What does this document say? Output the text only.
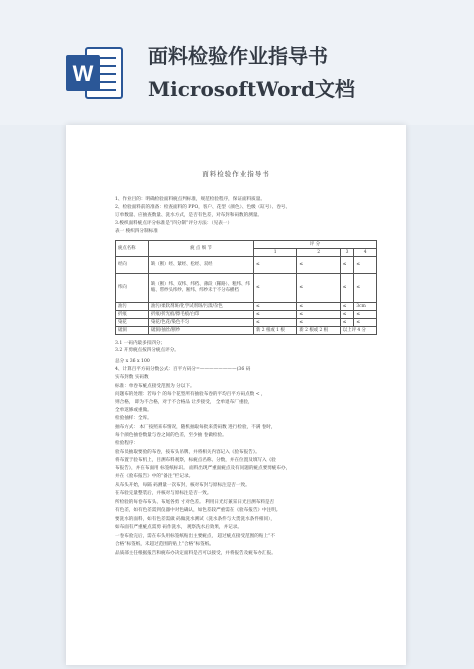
W
面料检验作业指导书MicrosoftWord文档
面料检验作业指导书
1、作业目的：明确检验面料疵点判标准，规范检验程序，保证面料质量。
2、检验面料前的准备：检查面料的 PPO，客户、花型（颜色）、色级（缸号）、卷号、
订单数量、应抽查数量、洗水方式，是否有色差，对布封和码数的测量。
3.梭织面料疵点评分标准是“四分制”评分方法：（见表一）
表一 梭织四分制标准
疵点名称	疵 点 细 节	评 分			
		1	2	3	4
经向	缺（断）经、紧经、松经、双经	≤	≤	≤	≤
纬向	缺（断）纬、双纬、纬档、薄段（稀路）、粗纬、纬缩、带纱头纬纱、断纬、纬纱未于不分布横档	≤	≤	≤	≤
油污	油污/柔软剂斑/化学试剂斑/污渍/杂色	≤	≤	≤	3cm
折痕	折痕/折光痕/擦毛痕/白印	≤	≤	≤	≤
染花	染花/色花/染色不匀	≤	≤	≤	≤
破洞	破洞/抽丝/断纱	新 2 根或 1 根	新 2 根或 2 根	以上评 4 分	
3.1 一码内最多扣四分；
3.2 开剪疵点按四分疵点评分。
总分 x 36 x 100
4、计算百平方码分数公式：百平方码分=————————(36 码
实布封数 实码数
标准：单卷布疵点接受范围为 分以下。
问题布的处理：若每个 的每个花型所有抽验布卷的平均百平方码点数 < ，
则合格， 即为不合格，对于不合格品 让步接受， 全单退布厂重验，
全单返修或重做。
检验抽样：全库。
抽布方式： 本厂按照来布情况，随机抽取每批来货码数 进行检验，不满 卷时，
每个颜色抽卷数量与卷之间的色差，至少抽 卷做检验。
检验程序：
验布员抽取要验的布卷，按布头吊牌，并将相关内容记入《验布报告》。
将布置于验布机上，目测布料观察，标疵点名称、分数，并在位置及填写入《验
布报告》，并在布面用 标签纸标识。 面料出现严重面疵点及有问题的疵点要剪疵布办，
并在《验布报告》中的“备注”栏记录。
从布头开始，每隔 码测量一次布封，核对布封与原标注是否一致。
在布验完量整装后，并核对与原标注是否一致。
所检验的每卷布布头、布尾各剪 寸对色差。 利用日光灯兼采日光目测布料是否
有色差，如有色差需到仪器中对色确认，如色差较严重需在《验布报告》中注明。
要洗水的面料，如有色差需做 码做洗水测试（洗水条件与大货洗水条件相同），
如布面有严重疵点需剪 码作洗水， 观察洗水后效果，并记录。
一卷布验完后，需在布头用标签纸贴出主要疵点， 超过疵点接受范围的贴上“不
合格”标签纸，未超过范围的贴上“合格”标签纸。
品质部主任根据报告和疵布办决定面料是否可以接受，并将报告及疵布办汇报。
